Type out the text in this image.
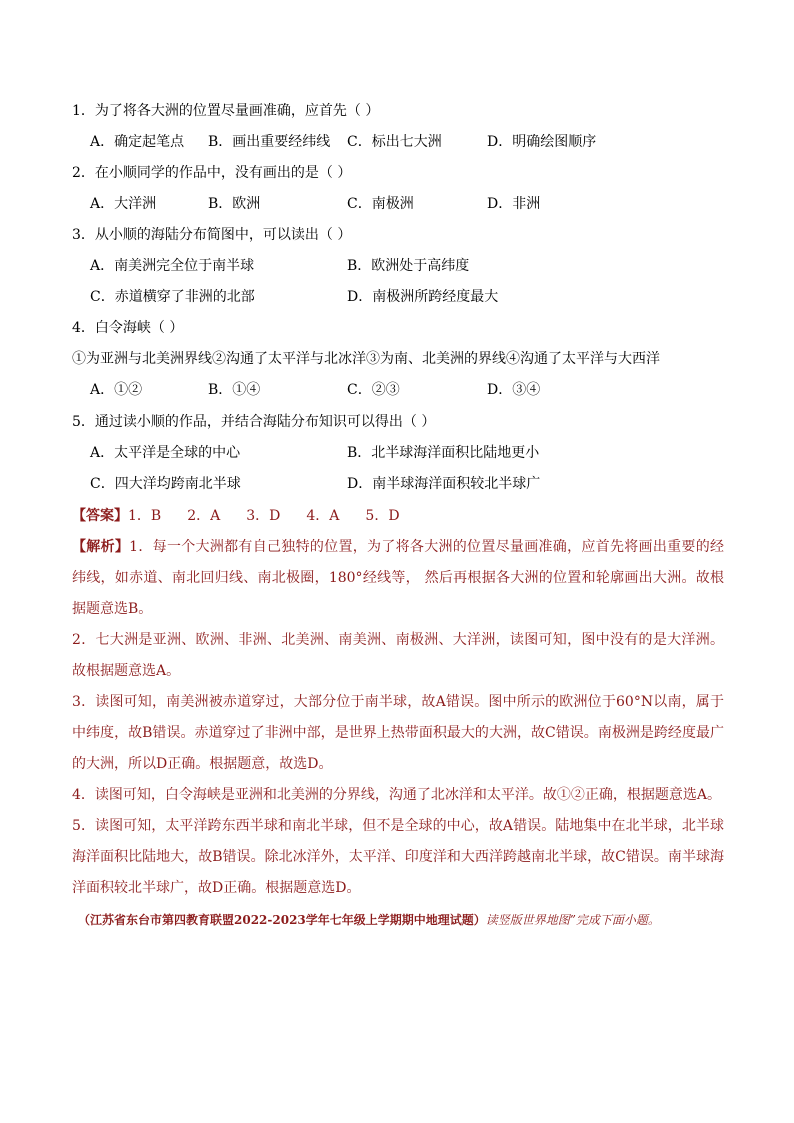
1．为了将各大洲的位置尽量画准确，应首先（ ）
A．确定起笔点 B．画出重要经纬线 C．标出七大洲	D．明确绘图顺序
2．在小顺同学的作品中，没有画出的是（ ）
A．大洋洲	B．欧洲	C．南极洲	D．非洲
3．从小顺的海陆分布简图中，可以读出（ ）
A．南美洲完全位于南半球	B．欧洲处于高纬度
C．赤道横穿了非洲的北部	D．南极洲所跨经度最大
4．白令海峡（ ）
①为亚洲与北美洲界线②沟通了太平洋与北冰洋③为南、北美洲的界线④沟通了太平洋与大西洋
A．①②	B．①④	C．②③	D．③④
5．通过读小顺的作品，并结合海陆分布知识可以得出（ ）
A．太平洋是全球的中心	B．北半球海洋面积比陆地更小
C．四大洋均跨南北半球	D．南半球海洋面积较北半球广
【答案】1．B 2．A 3．D 4．A 5．D
【解析】1．每一个大洲都有自己独特的位置，为了将各大洲的位置尽量画准确，应首先将画出重要的经纬线，如赤道、南北回归线、南北极圈，180°经线等， 然后再根据各大洲的位置和轮廓画出大洲。故根据题意选B。
2．七大洲是亚洲、欧洲、非洲、北美洲、南美洲、南极洲、大洋洲，读图可知，图中没有的是大洋洲。故根据题意选A。
3．读图可知，南美洲被赤道穿过，大部分位于南半球，故A错误。图中所示的欧洲位于60°N以南，属于中纬度，故B错误。赤道穿过了非洲中部，是世界上热带面积最大的大洲，故C错误。南极洲是跨经度最广的大洲，所以D正确。根据题意，故选D。
4．读图可知，白令海峡是亚洲和北美洲的分界线，沟通了北冰洋和太平洋。故①②正确，根据题意选A。
5．读图可知，太平洋跨东西半球和南北半球，但不是全球的中心，故A错误。陆地集中在北半球，北半球海洋面积比陆地大，故B错误。除北冰洋外，太平洋、印度洋和大西洋跨越南北半球，故C错误。南半球海洋面积较北半球广，故D正确。根据题意选D。
（江苏省东台市第四教育联盟2022-2023学年七年级上学期期中地理试题）读竖版世界地图”完成下面小题。
